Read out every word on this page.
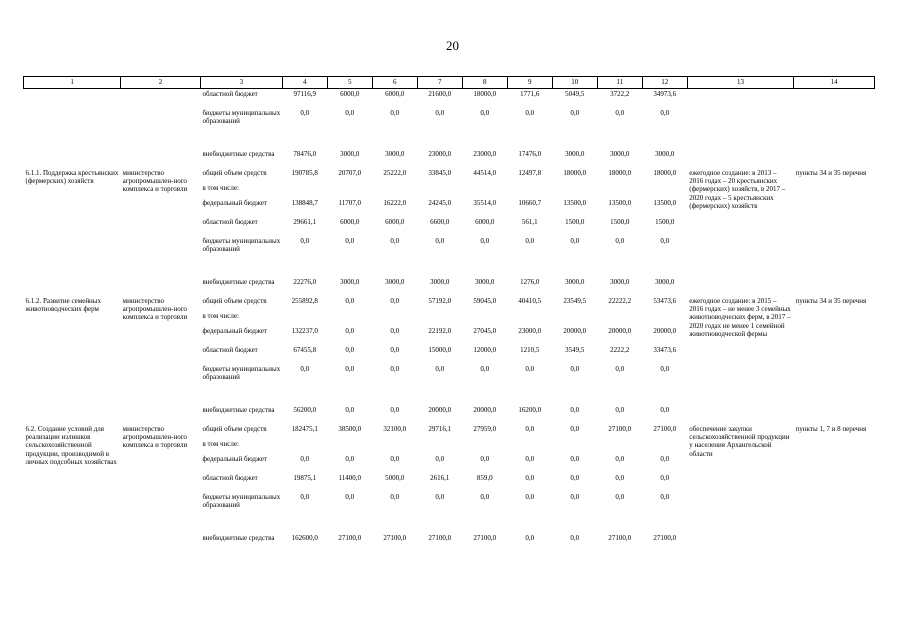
20
1	2	3	4	5	6	7	8	9	10	11	12	13	14
		областной бюджет	97116,9	6000,0	6000,0	21600,0	18000,0	1771,6	5049,5	3722,2	34973,6		
		бюджеты муниципальных образований	0,0	0,0	0,0	0,0	0,0	0,0	0,0	0,0	0,0		
		внебюджетные средства	78476,0	3000,0	3000,0	23000,0	23000,0	17476,0	3000,0	3000,0	3000,0		
6.1.1. Поддержка крестьянских (фермерских) хозяйств	министерство агропромышлен-ного комплекса и торговли	общий объем средств	190785,8	20707,0	25222,0	33845,0	44514,0	12497,8	18000,0	18000,0	18000,0	ежегодное создание: в 2013 – 2016 годах – 20 крестьянских (фермерских) хозяйств, в 2017 – 2020 годах – 5 крестьянских (фермерских) хозяйств	пункты 34 и 35 перечня
		в том числе:											
		федеральный бюджет	138848,7	11707,0	16222,0	24245,0	35514,0	10660,7	13500,0	13500,0	13500,0		
		областной бюджет	29661,1	6000,0	6000,0	6600,0	6000,0	561,1	1500,0	1500,0	1500,0		
		бюджеты муниципальных образований	0,0	0,0	0,0	0,0	0,0	0,0	0,0	0,0	0,0		
		внебюджетные средства	22276,0	3000,0	3000,0	3000,0	3000,0	1276,0	3000,0	3000,0	3000,0		
6.1.2. Развитие семейных животноводческих ферм	министерство агропромышлен-ного комплекса и торговли	общий объем средств	255892,8	0,0	0,0	57192,0	59045,0	40410,5	23549,5	22222,2	53473,6	ежегодное создание: в 2015 – 2016 годах – не менее 3 семейных животноводческих ферм, в 2017 – 2020 годах не менее 1 семейной животноводческой фермы	пункты 34 и 35 перечня
		в том числе:											
		федеральный бюджет	132237,0	0,0	0,0	22192,0	27045,0	23000,0	20000,0	20000,0	20000,0		
		областной бюджет	67455,8	0,0	0,0	15000,0	12000,0	1210,5	3549,5	2222,2	33473,6		
		бюджеты муниципальных образований	0,0	0,0	0,0	0,0	0,0	0,0	0,0	0,0	0,0		
		внебюджетные средства	56200,0	0,0	0,0	20000,0	20000,0	16200,0	0,0	0,0	0,0		
6.2. Создание условий для реализации излишков сельскохозяйственной продукции, производимой в личных подсобных хозяйствах	министерство агропромышлен-ного комплекса и торговли	общий объем средств	182475,1	38500,0	32100,0	29716,1	27959,0	0,0	0,0	27100,0	27100,0	обеспечение закупки сельскохозяйственной продукции у населения Архангельской области	пункты 1, 7 и 8 перечня
		в том числе:											
		федеральный бюджет	0,0	0,0	0,0	0,0	0,0	0,0	0,0	0,0	0,0		
		областной бюджет	19875,1	11400,0	5000,0	2616,1	859,0	0,0	0,0	0,0	0,0		
		бюджеты муниципальных образований	0,0	0,0	0,0	0,0	0,0	0,0	0,0	0,0	0,0		
		внебюджетные средства	162600,0	27100,0	27100,0	27100,0	27100,0	0,0	0,0	27100,0	27100,0		
